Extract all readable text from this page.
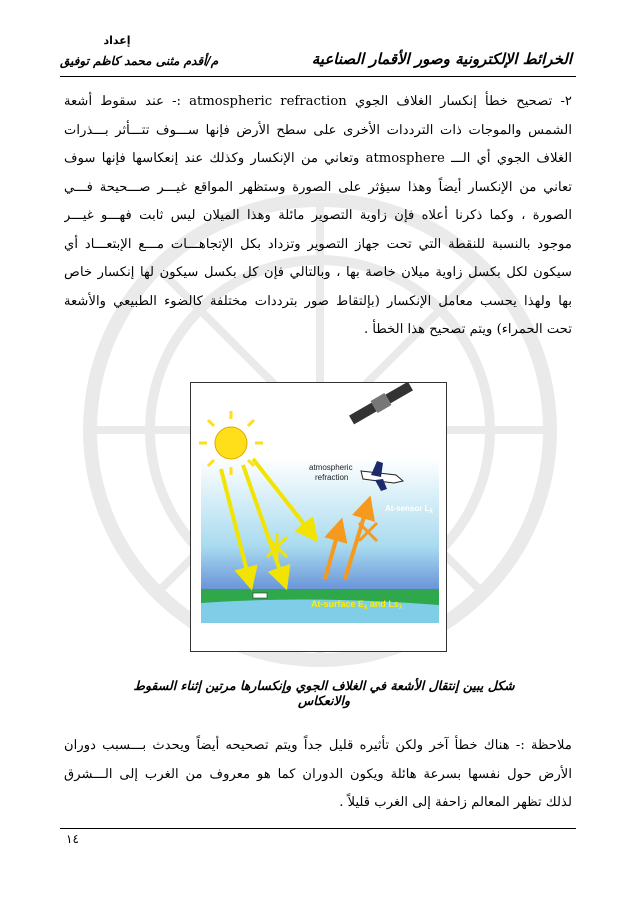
إعداد
م/أقدم مثنى محمد كاظم توفيق	الخرائط الإلكترونية وصور الأقمار الصناعية
٢- تصحيح خطأ إنكسار الغلاف الجوي atmospheric refraction :- عند سقوط أشعة
الشمس والموجات ذات الترددات الأخرى على سطح الأرض فإنها ســـوف تتـــأثر بـــذرات
الغلاف الجوي أي الـــ atmosphere وتعاني من الإنكسار وكذلك عند إنعكاسها فإنها سوف
تعاني من الإنكسار أيضاً وهذا سيؤثر على الصورة وستظهر المواقع غيـــر صـــحيحة فـــي
الصورة ، وكما ذكرنا أعلاه فإن زاوية التصوير مائلة وهذا الميلان ليس ثابت فهـــو غيـــر
موجود بالنسبة للنقطة التي تحت جهاز التصوير وتزداد بكل الإتجاهـــات مـــع الإبتعـــاد أي
سيكون لكل بكسل زاوية ميلان خاصة بها ، وبالتالي فإن كل بكسل سيكون لها إنكسار خاص
بها ولهذا يحسب معامل الإنكسار (بإلتقاط صور بترددات مختلفة كالضوء الطبيعي والأشعة
تحت الحمراء) ويتم تصحيح هذا الخطأ .
atmospheric
refraction
At-sensor $L_\lambda$
At-surface $E_\lambda$ and $Ls_\lambda$
شكل يبين إنتقال الأشعة في الغلاف الجوي وإنكسارها مرتين إثناء السقوط والانعكاس
ملاحظة :- هناك خطأ آخر ولكن تأثيره قليل جداً ويتم تصحيحه أيضاً ويحدث بـــسبب دوران
الأرض حول نفسها بسرعة هائلة ويكون الدوران كما هو معروف من الغرب إلى الـــشرق
لذلك تظهر المعالم زاحفة إلى الغرب قليلاً .
١٤
